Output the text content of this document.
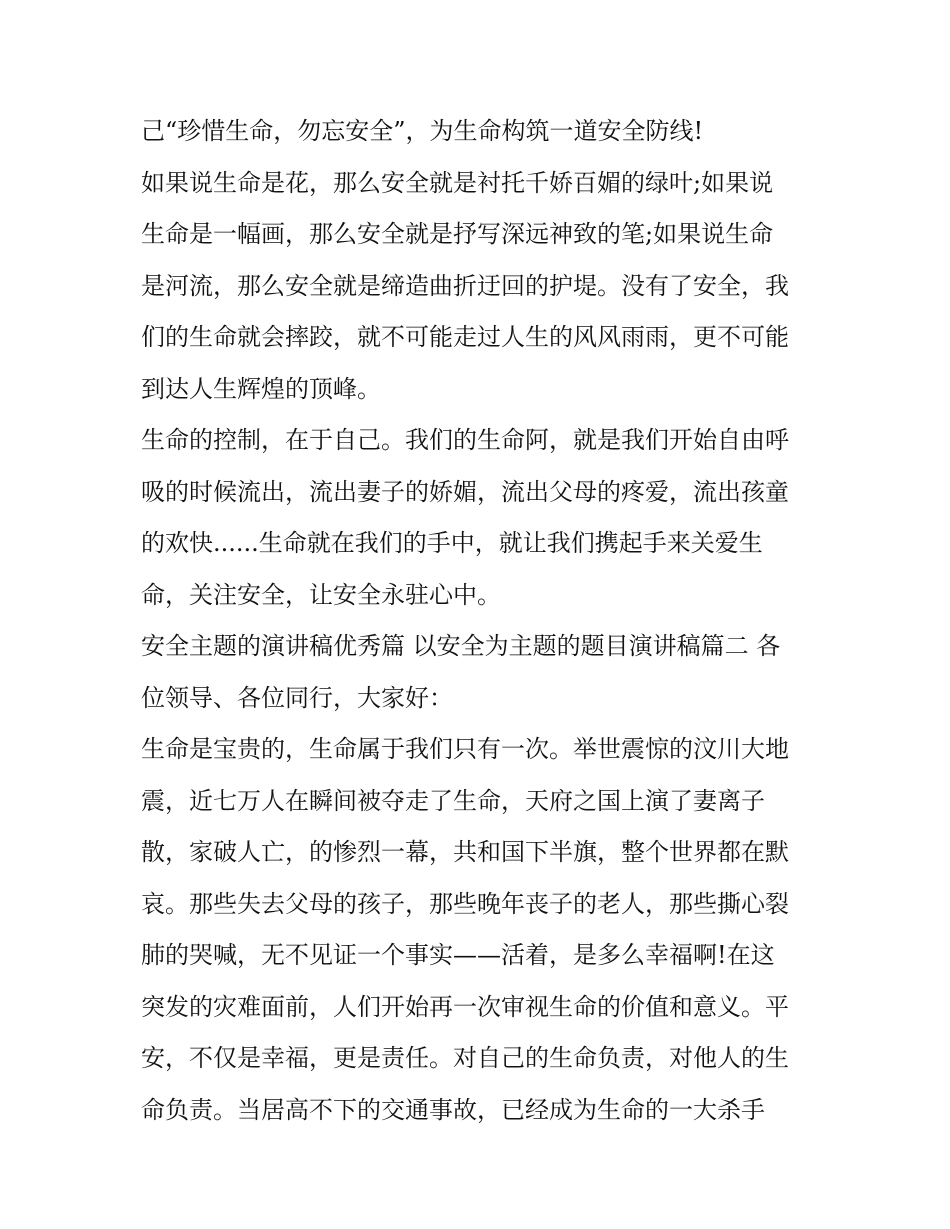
己“珍惜生命，勿忘安全”，为生命构筑一道安全防线!
如果说生命是花，那么安全就是衬托千娇百媚的绿叶;如果说
生命是一幅画，那么安全就是抒写深远神致的笔;如果说生命
是河流，那么安全就是缔造曲折迂回的护堤。没有了安全，我
们的生命就会摔跤，就不可能走过人生的风风雨雨，更不可能
到达人生辉煌的顶峰。
生命的控制，在于自己。我们的生命阿，就是我们开始自由呼
吸的时候流出，流出妻子的娇媚，流出父母的疼爱，流出孩童
的欢快......生命就在我们的手中，就让我们携起手来关爱生
命，关注安全，让安全永驻心中。
安全主题的演讲稿优秀篇 以安全为主题的题目演讲稿篇二 各
位领导、各位同行，大家好：
生命是宝贵的，生命属于我们只有一次。举世震惊的汶川大地
震，近七万人在瞬间被夺走了生命，天府之国上演了妻离子
散，家破人亡，的惨烈一幕，共和国下半旗，整个世界都在默
哀。那些失去父母的孩子，那些晚年丧子的老人，那些撕心裂
肺的哭喊，无不见证一个事实——活着，是多么幸福啊!在这
突发的灾难面前，人们开始再一次审视生命的价值和意义。平
安，不仅是幸福，更是责任。对自己的生命负责，对他人的生
命负责。当居高不下的交通事故，已经成为生命的一大杀手
